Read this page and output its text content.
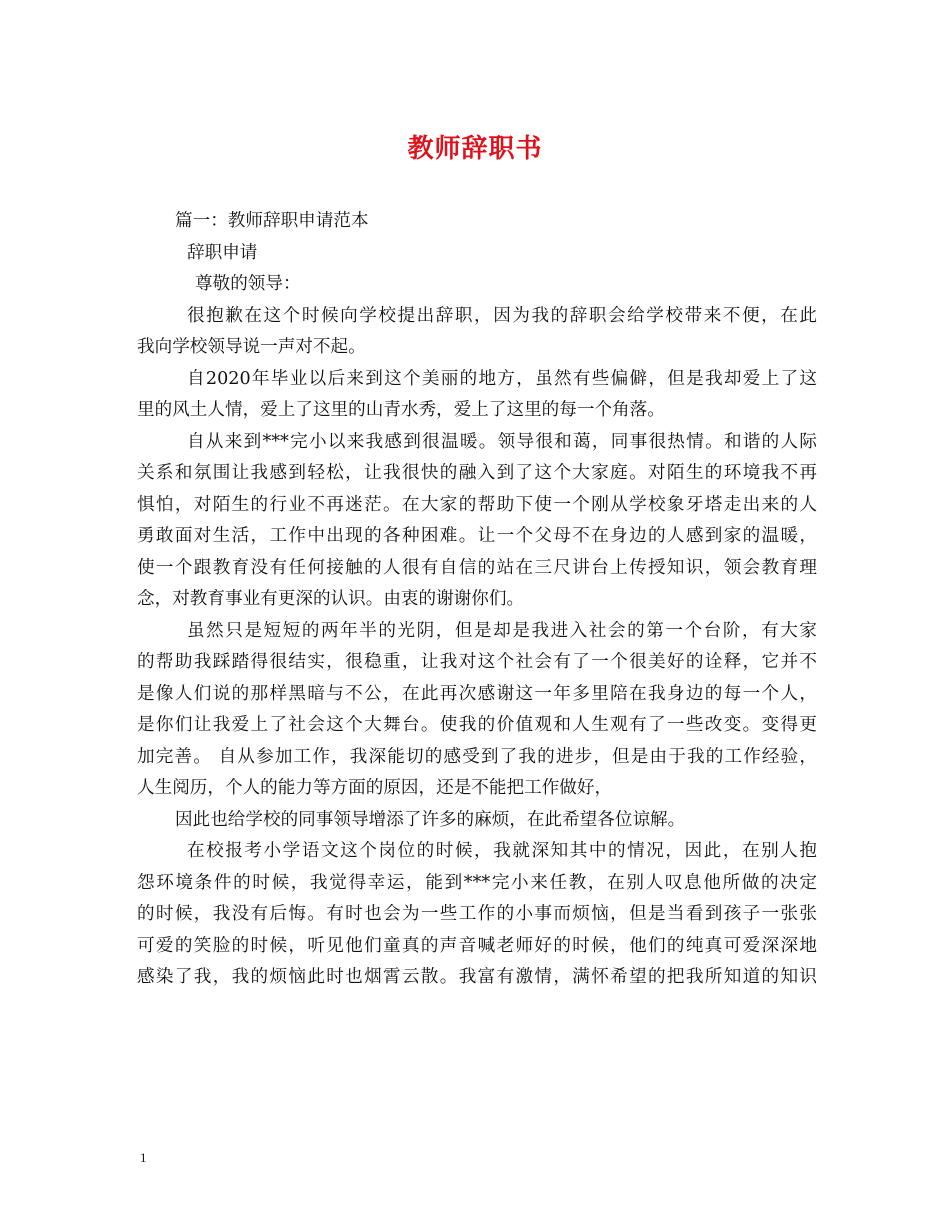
教师辞职书
篇一：教师辞职申请范本
辞职申请
尊敬的领导：
很抱歉在这个时候向学校提出辞职，因为我的辞职会给学校带来不便，在此
我向学校领导说一声对不起。
自2020年毕业以后来到这个美丽的地方，虽然有些偏僻，但是我却爱上了这
里的风土人情，爱上了这里的山青水秀，爱上了这里的每一个角落。
自从来到***完小以来我感到很温暖。领导很和蔼，同事很热情。和谐的人际
关系和氛围让我感到轻松，让我很快的融入到了这个大家庭。对陌生的环境我不再
惧怕，对陌生的行业不再迷茫。在大家的帮助下使一个刚从学校象牙塔走出来的人
勇敢面对生活，工作中出现的各种困难。让一个父母不在身边的人感到家的温暖，
使一个跟教育没有任何接触的人很有自信的站在三尺讲台上传授知识，领会教育理
念，对教育事业有更深的认识。由衷的谢谢你们。
虽然只是短短的两年半的光阴，但是却是我进入社会的第一个台阶，有大家
的帮助我踩踏得很结实，很稳重，让我对这个社会有了一个很美好的诠释，它并不
是像人们说的那样黑暗与不公，在此再次感谢这一年多里陪在我身边的每一个人，
是你们让我爱上了社会这个大舞台。使我的价值观和人生观有了一些改变。变得更
加完善。 自从参加工作，我深能切的感受到了我的进步，但是由于我的工作经验，
人生阅历，个人的能力等方面的原因，还是不能把工作做好，
因此也给学校的同事领导增添了许多的麻烦，在此希望各位谅解。
在校报考小学语文这个岗位的时候，我就深知其中的情况，因此，在别人抱
怨环境条件的时候，我觉得幸运，能到***完小来任教，在别人叹息他所做的决定
的时候，我没有后悔。有时也会为一些工作的小事而烦恼，但是当看到孩子一张张
可爱的笑脸的时候，听见他们童真的声音喊老师好的时候，他们的纯真可爱深深地
感染了我，我的烦恼此时也烟霄云散。我富有激情，满怀希望的把我所知道的知识
1
